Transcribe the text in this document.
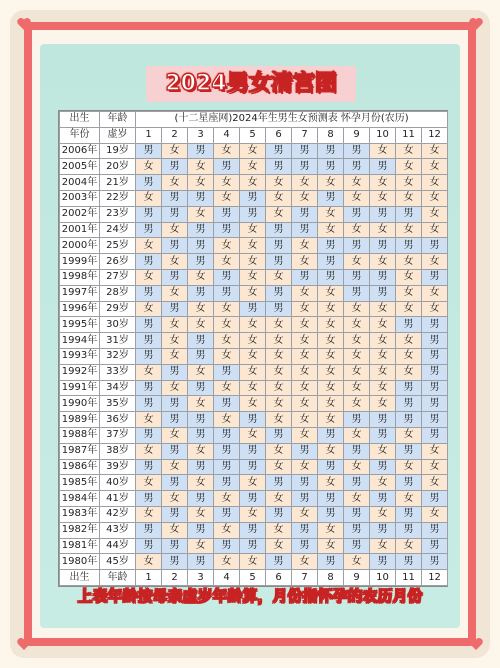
2024男女清宫图
出生	年龄	(十二星座网)2024年生男生女预测表 怀孕月份(农历)											
年份	虚岁	1	2	3	4	5	6	7	8	9	10	11	12
2006年	19岁	男	女	男	女	女	男	男	男	男	女	女	女
2005年	20岁	女	男	女	男	女	男	男	男	男	男	女	女
2004年	21岁	男	女	女	女	女	女	女	女	女	女	女	女
2003年	22岁	女	男	男	女	男	女	女	男	女	女	女	女
2002年	23岁	男	男	女	男	男	女	男	女	男	男	男	女
2001年	24岁	男	女	男	男	女	男	男	女	女	女	女	女
2000年	25岁	女	男	男	女	女	男	女	男	男	男	男	男
1999年	26岁	男	女	男	女	女	男	女	男	女	女	女	女
1998年	27岁	女	男	女	男	女	女	男	男	男	男	女	男
1997年	28岁	男	女	男	男	女	男	女	女	男	男	女	女
1996年	29岁	女	男	女	女	男	男	女	女	女	女	女	女
1995年	30岁	男	女	女	女	女	女	女	女	女	女	男	男
1994年	31岁	男	女	男	女	女	女	女	女	女	女	女	男
1993年	32岁	男	女	男	女	女	女	女	女	女	女	女	男
1992年	33岁	女	男	女	男	女	女	女	女	女	女	女	男
1991年	34岁	男	女	男	女	女	女	女	女	女	女	男	男
1990年	35岁	男	男	女	男	女	女	女	女	女	女	男	男
1989年	36岁	女	男	男	女	男	女	女	女	男	男	男	男
1988年	37岁	男	女	男	男	女	男	女	男	女	男	女	男
1987年	38岁	女	男	女	男	男	女	男	女	男	女	男	女
1986年	39岁	男	女	男	男	男	女	女	男	女	男	女	女
1985年	40岁	女	男	女	男	女	男	男	女	男	女	男	女
1984年	41岁	男	女	男	女	男	女	男	男	女	男	女	男
1983年	42岁	女	男	女	男	女	男	女	男	男	女	男	女
1982年	43岁	男	女	男	女	男	女	男	女	男	男	男	男
1981年	44岁	男	男	女	男	男	女	男	女	男	女	女	男
1980年	45岁	女	男	男	女	女	男	女	男	女	男	男	男
出生	年龄	1	2	3	4	5	6	7	8	9	10	11	12
上表年龄按母亲虚岁年龄算，月份指怀孕的农历月份
